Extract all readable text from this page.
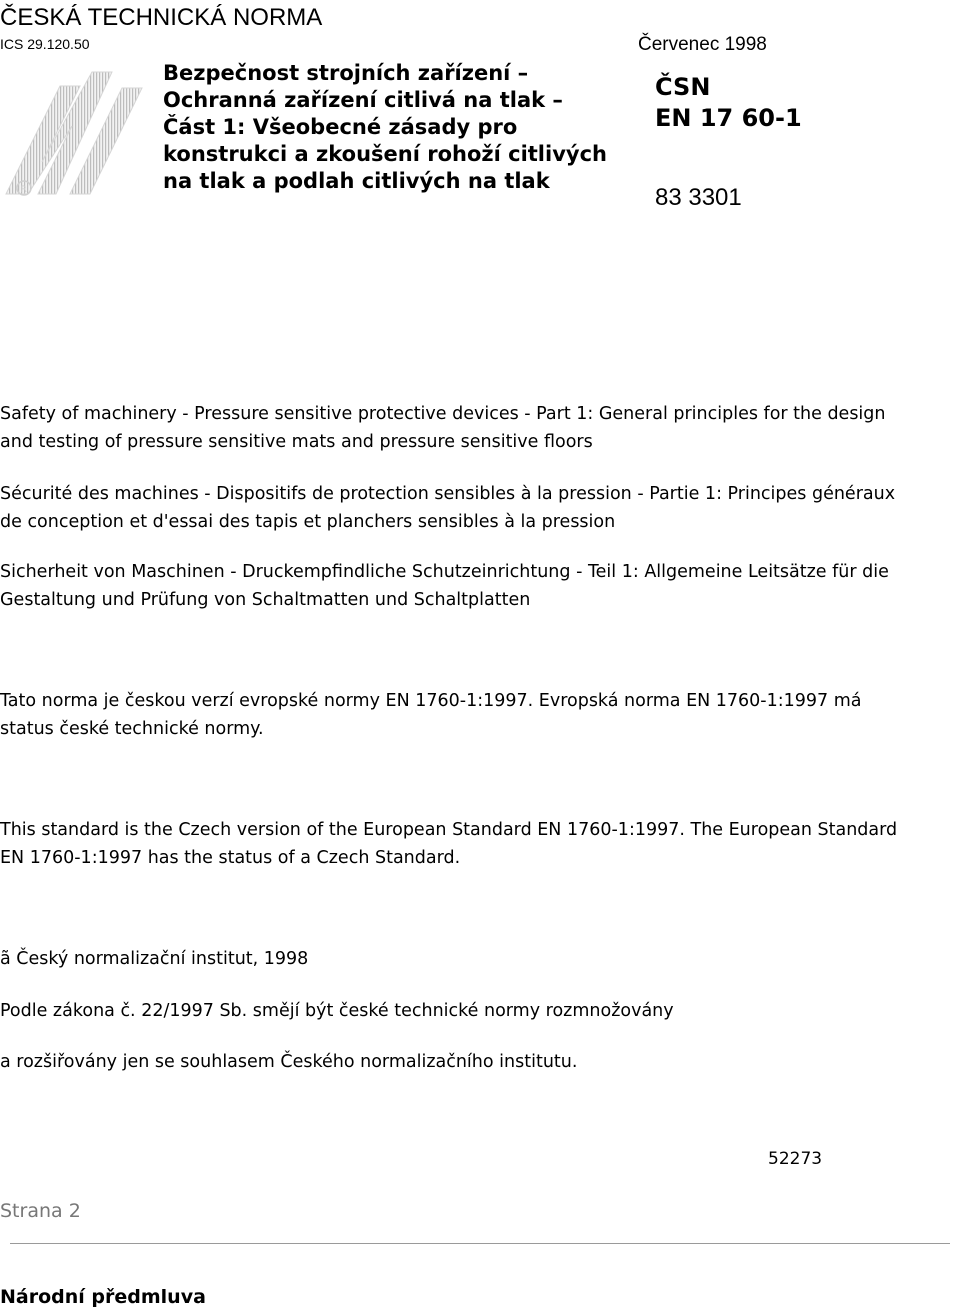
ČESKÁ TECHNICKÁ NORMA
ICS 29.120.50
R
Bezpečnost strojních zařízení –
Ochranná zařízení citlivá na tlak –
Část 1: Všeobecné zásady pro
konstrukci a zkoušení rohoží citlivých
na tlak a podlah citlivých na tlak
Červenec 1998
ČSN
EN 17 60-1
83 3301
Safety of machinery - Pressure sensitive protective devices - Part 1: General principles for the design
and testing of pressure sensitive mats and pressure sensitive floors
Sécurité des machines - Dispositifs de protection sensibles à la pression - Partie 1: Principes généraux
de conception et d'essai des tapis et planchers sensibles à la pression
Sicherheit von Maschinen - Druckempfindliche Schutzeinrichtung - Teil 1: Allgemeine Leitsätze für die
Gestaltung und Prüfung von Schaltmatten und Schaltplatten
Tato norma je českou verzí evropské normy EN 1760-1:1997. Evropská norma EN 1760-1:1997 má
status české technické normy.
This standard is the Czech version of the European Standard EN 1760-1:1997. The European Standard
EN 1760-1:1997 has the status of a Czech Standard.
ã Český normalizační institut, 1998
Podle zákona č. 22/1997 Sb. smějí být české technické normy rozmnožovány
a rozšiřovány jen se souhlasem Českého normalizačního institutu.
52273
Strana 2
Národní předmluva
